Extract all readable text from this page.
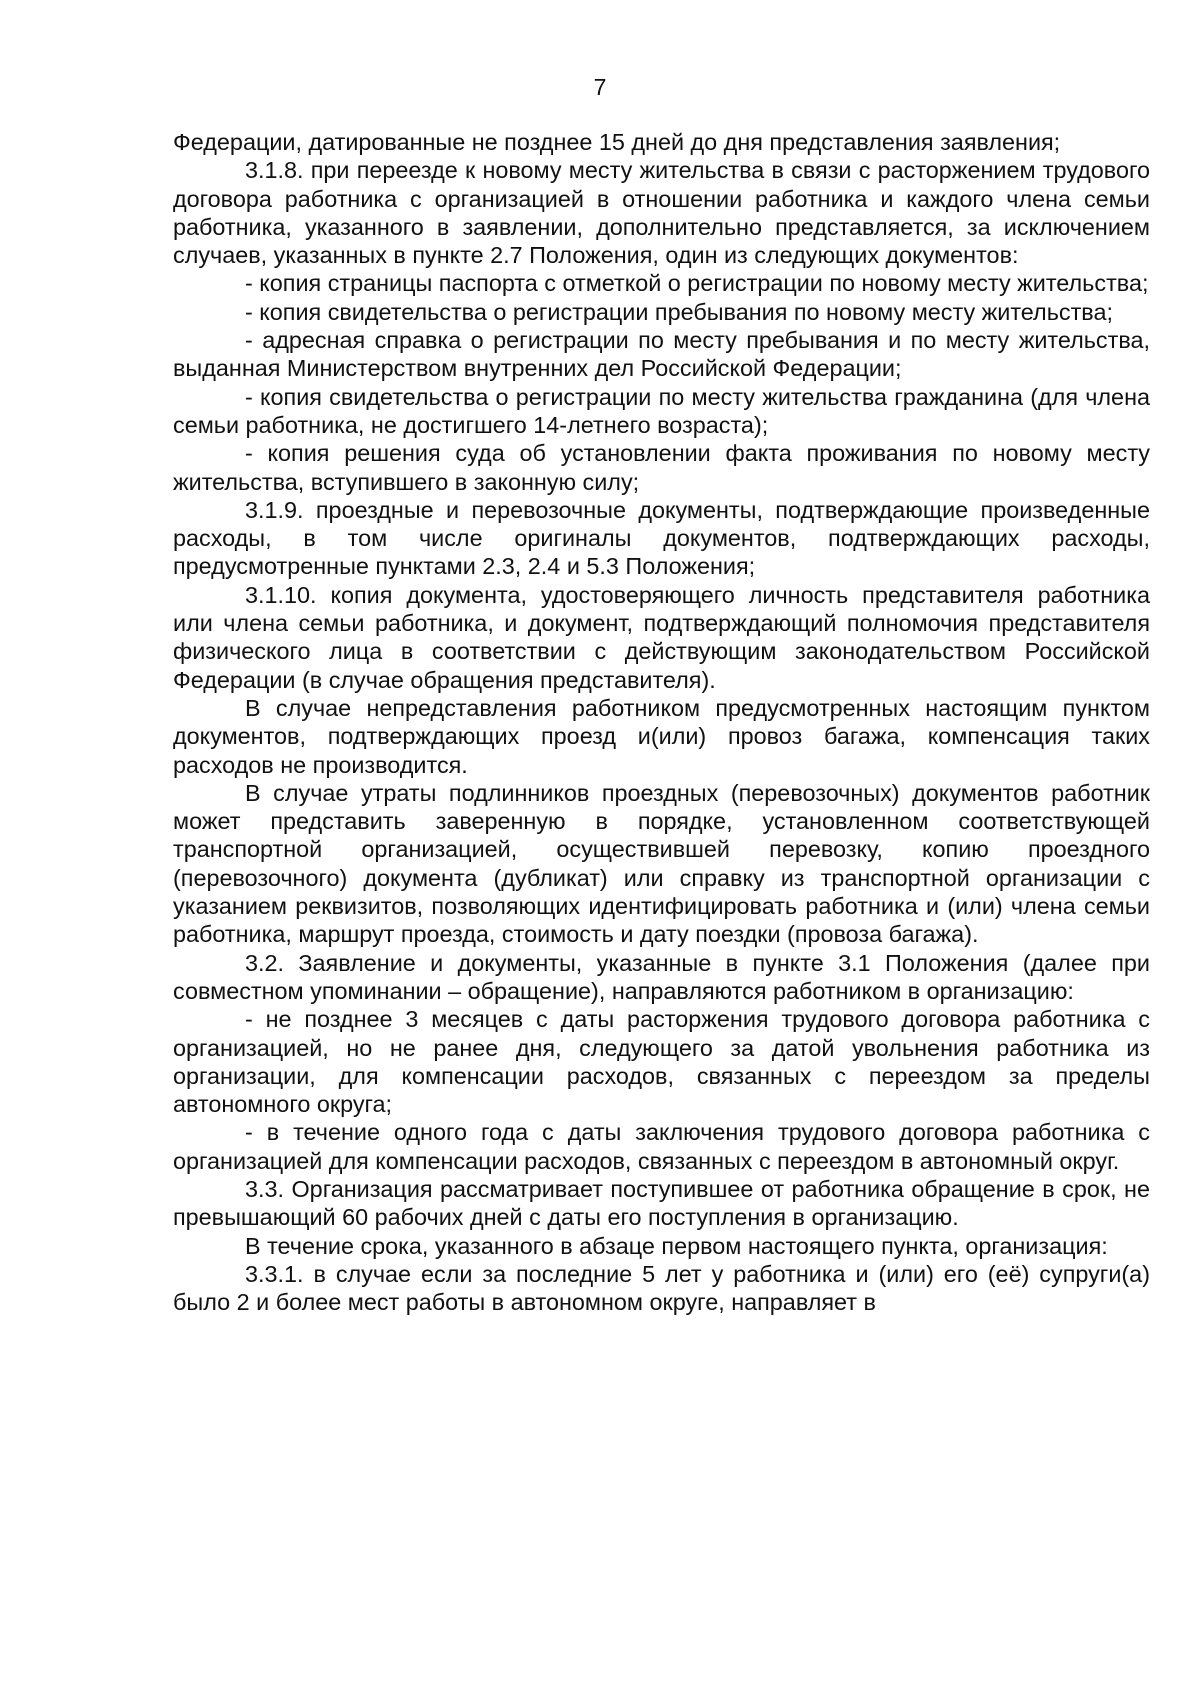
7

Федерации, датированные не позднее 15 дней до дня представления заявления;

3.1.8. при переезде к новому месту жительства в связи с расторжением трудового договора работника с организацией в отношении работника и каждого члена семьи работника, указанного в заявлении, дополнительно представляется, за исключением случаев, указанных в пункте 2.7 Положения, один из следующих документов:

- копия страницы паспорта с отметкой о регистрации по новому месту жительства;

- копия свидетельства о регистрации пребывания по новому месту жительства;

- адресная справка о регистрации по месту пребывания и по месту жительства, выданная Министерством внутренних дел Российской Федерации;

- копия свидетельства о регистрации по месту жительства гражданина (для члена семьи работника, не достигшего 14-летнего возраста);

- копия решения суда об установлении факта проживания по новому месту жительства, вступившего в законную силу;

3.1.9. проездные и перевозочные документы, подтверждающие произведенные расходы, в том числе оригиналы документов, подтверждающих расходы, предусмотренные пунктами 2.3, 2.4 и 5.3 Положения;

3.1.10. копия документа, удостоверяющего личность представителя работника или члена семьи работника, и документ, подтверждающий полномочия представителя физического лица в соответствии с действующим законодательством Российской Федерации (в случае обращения представителя).

В случае непредставления работником предусмотренных настоящим пунктом документов, подтверждающих проезд и(или) провоз багажа, компенсация таких расходов не производится.

В случае утраты подлинников проездных (перевозочных) документов работник может представить заверенную в порядке, установленном соответствующей транспортной организацией, осуществившей перевозку, копию проездного (перевозочного) документа (дубликат) или справку из транспортной организации с указанием реквизитов, позволяющих идентифицировать работника и (или) члена семьи работника, маршрут проезда, стоимость и дату поездки (провоза багажа).

3.2. Заявление и документы, указанные в пункте 3.1 Положения (далее при совместном упоминании – обращение), направляются работником в организацию:

- не позднее 3 месяцев с даты расторжения трудового договора работника с организацией, но не ранее дня, следующего за датой увольнения работника из организации, для компенсации расходов, связанных с переездом за пределы автономного округа;

- в течение одного года с даты заключения трудового договора работника с организацией для компенсации расходов, связанных с переездом в автономный округ.

3.3. Организация рассматривает поступившее от работника обращение в срок, не превышающий 60 рабочих дней с даты его поступления в организацию.

В течение срока, указанного в абзаце первом настоящего пункта, организация:

3.3.1. в случае если за последние 5 лет у работника и (или) его (её) супруги(а) было 2 и более мест работы в автономном округе, направляет в
